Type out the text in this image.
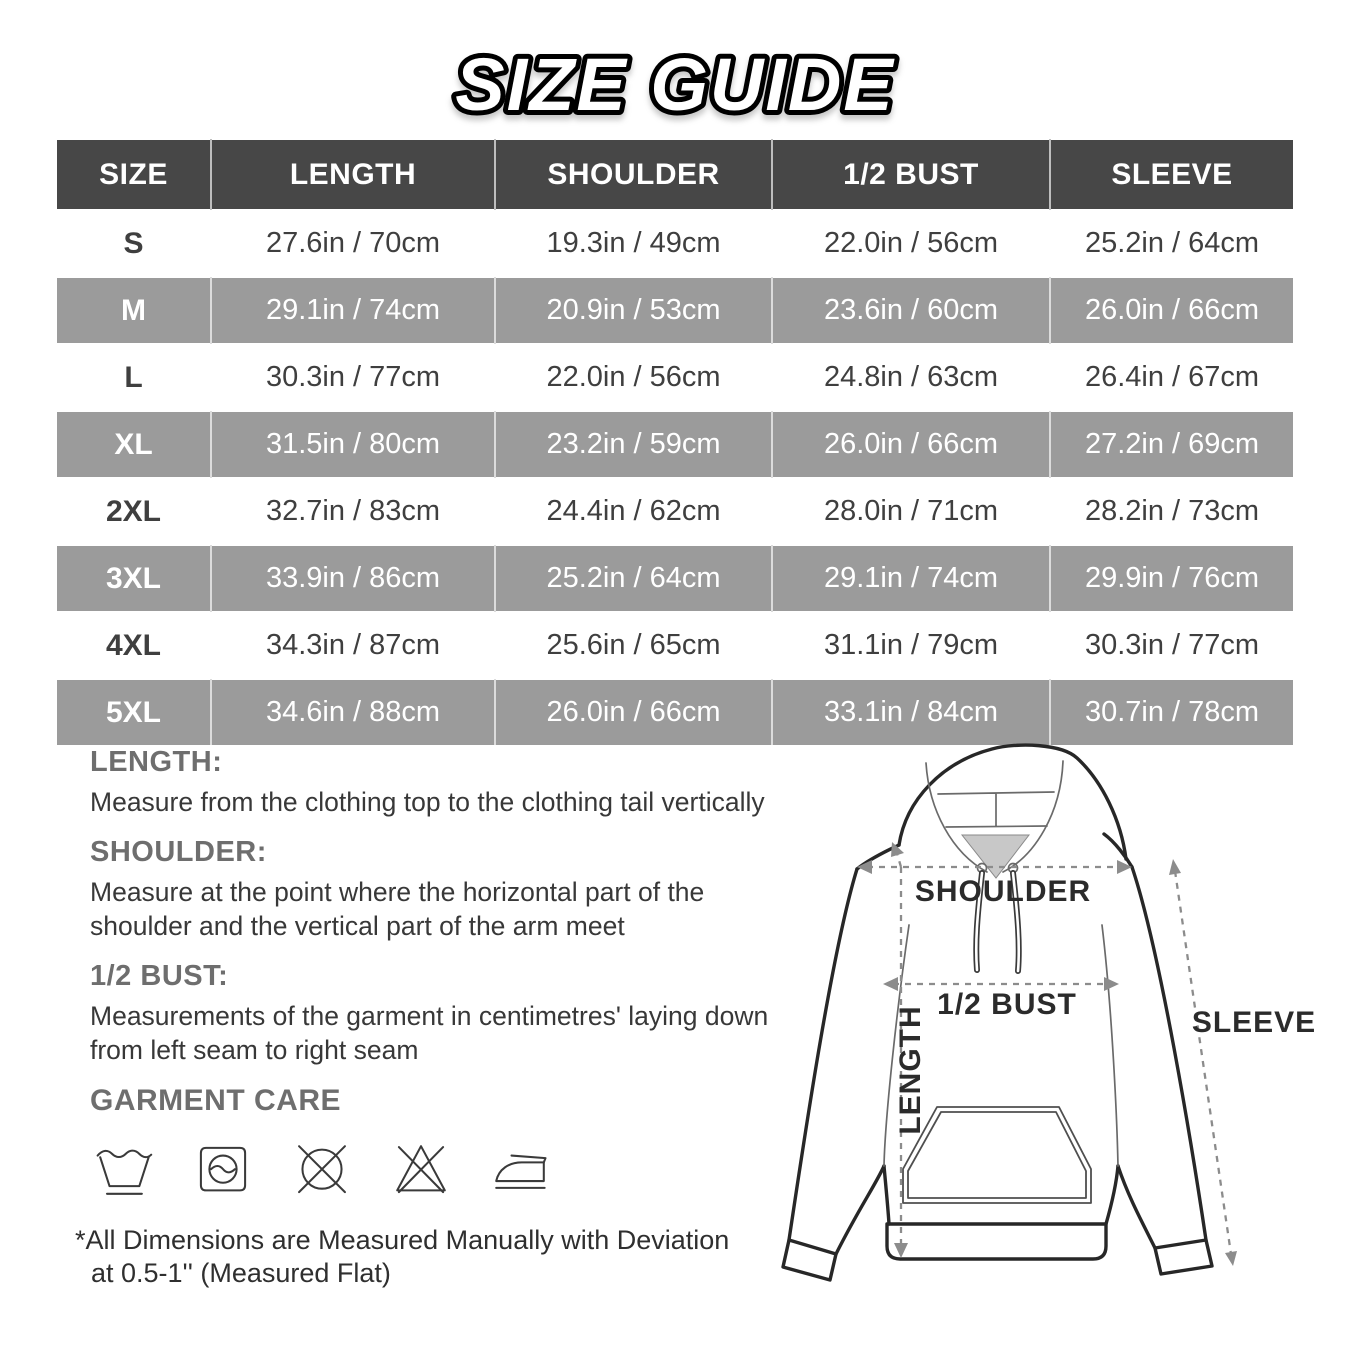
SIZE GUIDE
SIZE	LENGTH	SHOULDER	1/2 BUST	SLEEVE
S	27.6in / 70cm	19.3in / 49cm	22.0in / 56cm	25.2in / 64cm
M	29.1in / 74cm	20.9in / 53cm	23.6in / 60cm	26.0in / 66cm
L	30.3in / 77cm	22.0in / 56cm	24.8in / 63cm	26.4in / 67cm
XL	31.5in / 80cm	23.2in / 59cm	26.0in / 66cm	27.2in / 69cm
2XL	32.7in / 83cm	24.4in / 62cm	28.0in / 71cm	28.2in / 73cm
3XL	33.9in / 86cm	25.2in / 64cm	29.1in / 74cm	29.9in / 76cm
4XL	34.3in / 87cm	25.6in / 65cm	31.1in / 79cm	30.3in / 77cm
5XL	34.6in / 88cm	26.0in / 66cm	33.1in / 84cm	30.7in / 78cm
LENGTH:
Measure from the clothing top to the clothing tail vertically
SHOULDER:
Measure at the point where the horizontal part of the shoulder and the vertical part of the arm meet
1/2 BUST:
Measurements of the garment in centimetres' laying down from left seam to right seam
GARMENT CARE
*All Dimensions are Measured Manually with Deviation
at 0.5-1'' (Measured Flat)
SHOULDER
1/2 BUST
LENGTH	SLEEVE
